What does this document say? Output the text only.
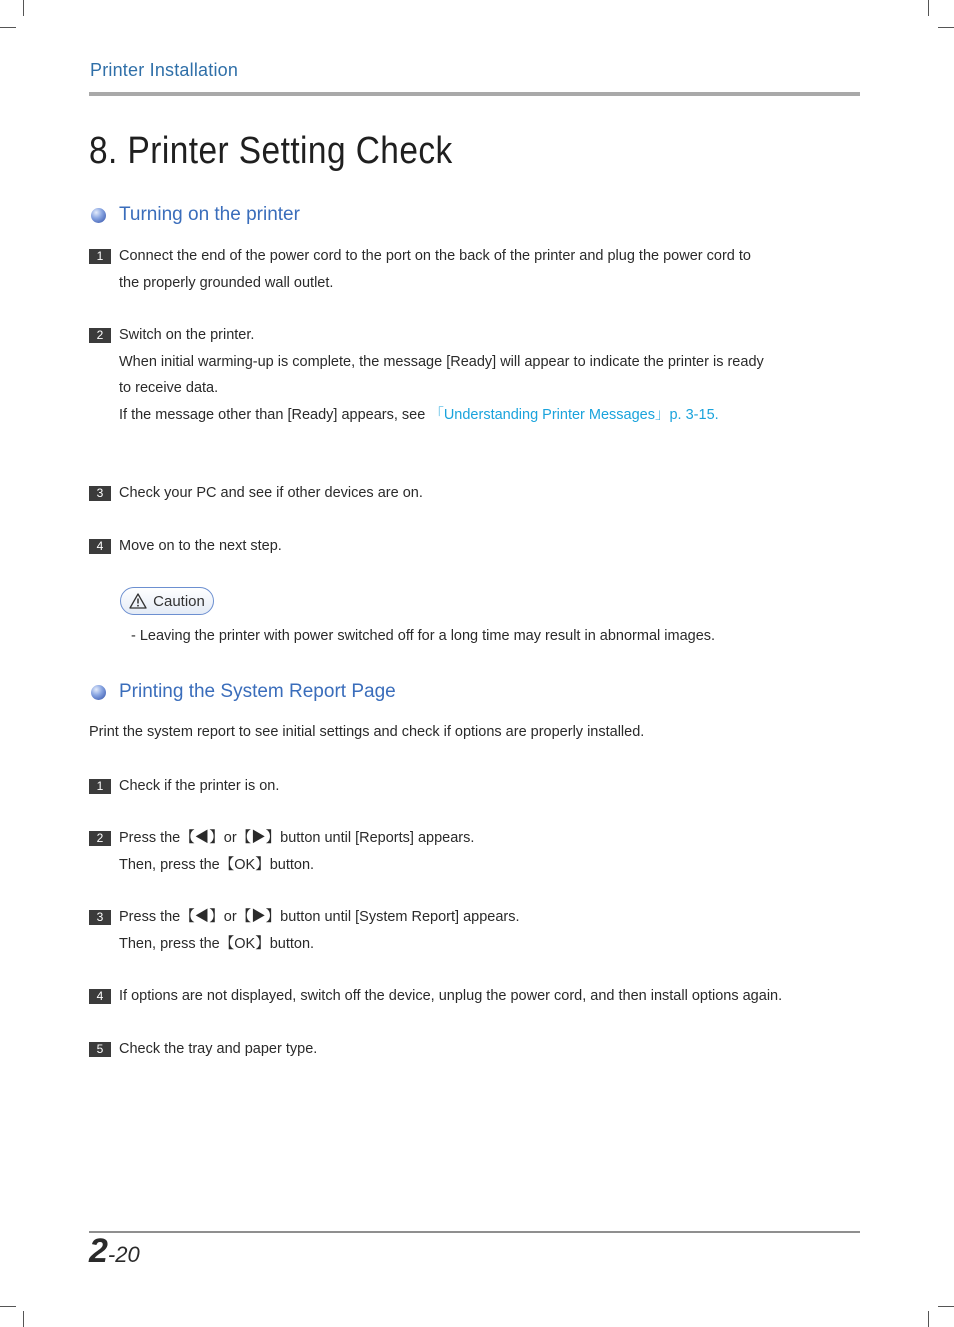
Printer Installation
8. Printer Setting Check
Turning on the printer
1	Connect the end of the power cord to the port on the back of the printer and plug the power cord to
the properly grounded wall outlet.
2	Switch on the printer.
When initial warming-up is complete, the message [Ready] will appear to indicate the printer is ready
to receive data.
If the message other than [Ready] appears, see 「Understanding Printer Messages」p. 3-15.
3	Check your PC and see if other devices are on.
4	Move on to the next step.
Caution
- Leaving the printer with power switched off for a long time may result in abnormal images.
Printing the System Report Page
Print the system report to see initial settings and check if options are properly installed.
1	Check if the printer is on.
2	Press the【◀】or【▶】button until [Reports] appears.
Then, press the【OK】button.
3	Press the【◀】or【▶】button until [System Report] appears.
Then, press the【OK】button.
4	If options are not displayed, switch off the device, unplug the power cord, and then install options again.
5	Check the tray and paper type.
2-20
